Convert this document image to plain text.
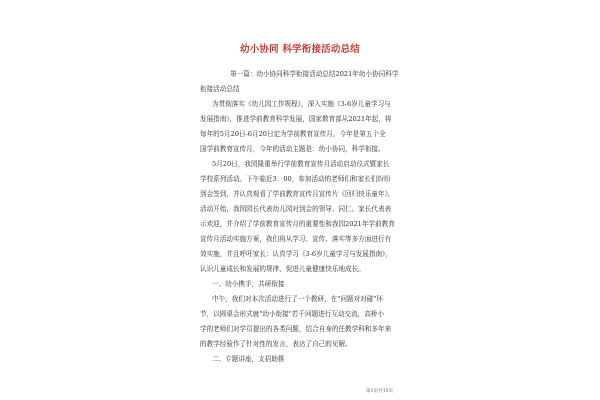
幼小协同 科学衔接活动总结
第一篇：幼小协同科学衔接活动总结2021年幼小协同科学
衔接活动总结
为贯彻落实《幼儿园工作规程》，深入实施《3-6岁儿童学习与
发展指南》，推进学前教育科学发展，国家教育部从2021年起，将
每年的5月20日-6月20日定为学前教育宣传月，今年是第五个全
国学前教育宣传月，今年的活动主题是：幼小协同，科学衔接。
5月20日，我园隆重举行学前教育宣传月活动启动仪式暨家长
学校系列活动。下午临近3：00，参加活动的老师们和家长们纷纷
到会签到，并认真观看了学前教育宣传月宣传片《回归快乐童年》。
活动开始，我园园长代表幼儿园对到会的领导、同仁、家长代表表
示欢迎，并介绍了学前教育宣传月的重要性和我园2021年学前教育
宣传月活动实施方案，我们将从学习、宣传、落实等多方面进行有
效实施，并且呼吁家长：认真学习《3-6岁儿童学习与发展指南》，
认识儿童成长和发展的规律，促进儿童健康快乐地成长。
一、幼小携手，共研衔接
中午，我们对本次活动进行了一个教研，在"问题对对碰"环
节，以圆桌会形式就"幼小衔接"若干问题进行互动交流，高桥小
学的老师们对学员提出的各类问题，结合自身的任教学科和多年来
的教学经验作了针对性的发言，表达了自己的见解。
二、专题讲座，支招助推
第1页共15页
